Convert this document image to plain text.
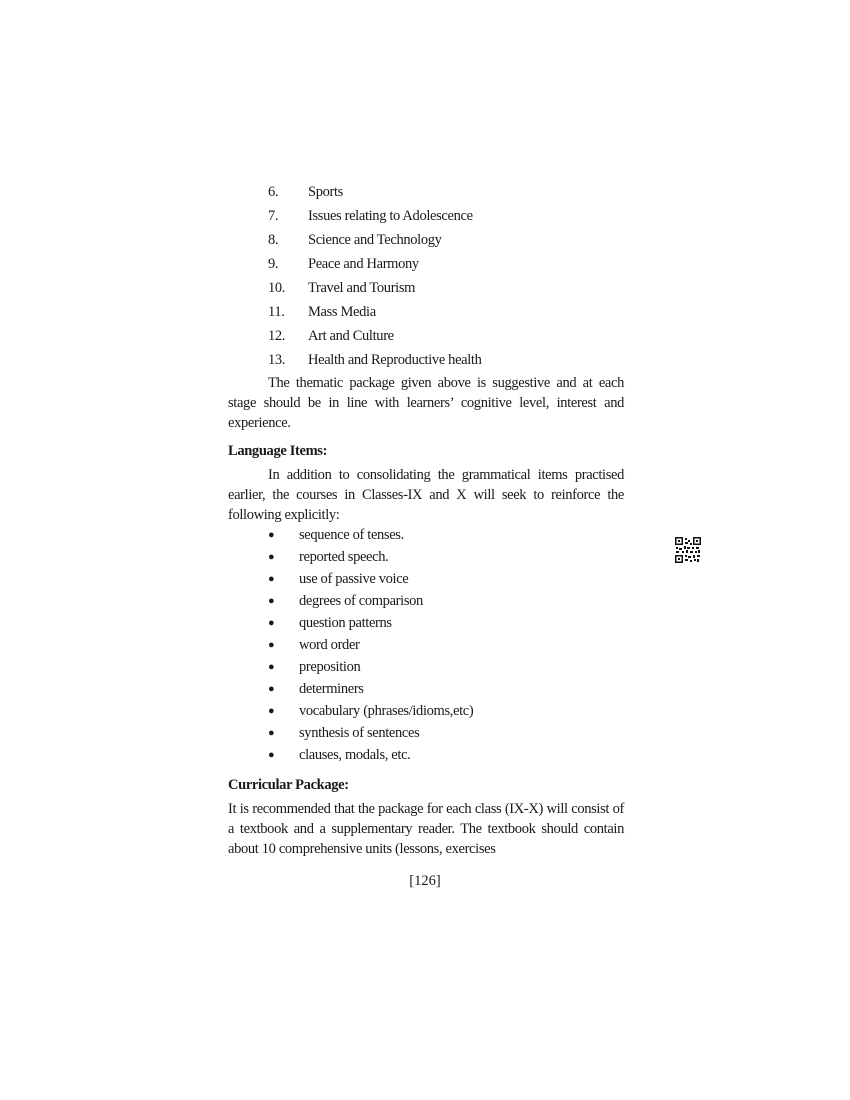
6.	Sports
7.	Issues relating to Adolescence
8.	Science and Technology
9.	Peace and Harmony
10.	Travel and Tourism
11.	Mass Media
12.	Art and Culture
13.	Health and Reproductive health

The thematic package given above is suggestive and at each stage should be in line with learners’ cognitive level, interest and experience.

Language Items:

In addition to consolidating the grammatical items practised earlier, the courses in Classes-IX and X will seek to reinforce the following explicitly:

●	sequence of tenses.
●	reported speech.
●	use of passive voice
●	degrees of comparison
●	question patterns
●	word order
●	preposition
●	determiners
●	vocabulary (phrases/idioms,etc)
●	synthesis of sentences
●	clauses, modals, etc.
Curricular Package:

It is recommended that the package for each class (IX-X) will consist of a textbook and a supplementary reader. The textbook should contain about 10 comprehensive units (lessons, exercises

[126]
